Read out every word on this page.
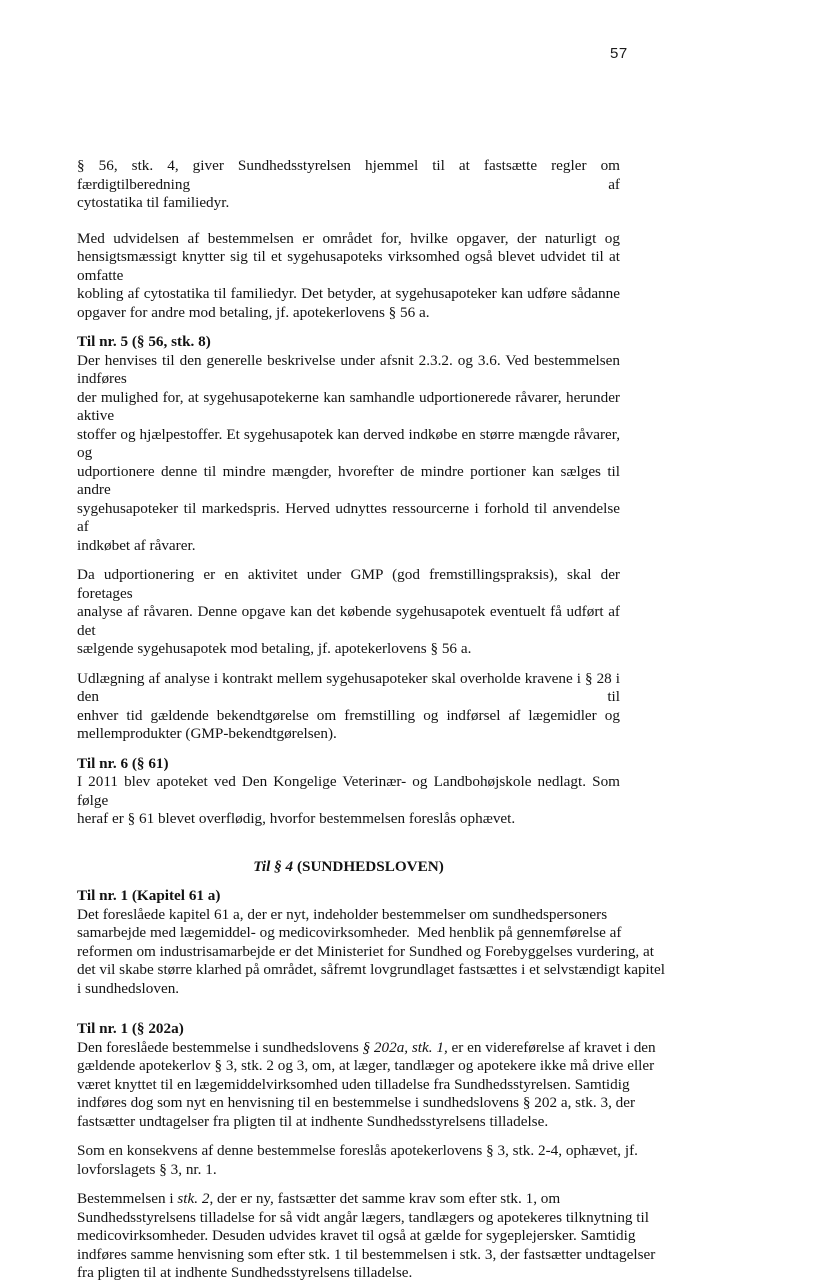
57
§ 56, stk. 4, giver Sundhedsstyrelsen hjemmel til at fastsætte regler om færdigtilberedning af
cytostatika til familiedyr.
Med udvidelsen af bestemmelsen er området for, hvilke opgaver, der naturligt og
hensigtsmæssigt knytter sig til et sygehusapoteks virksomhed også blevet udvidet til at omfatte
kobling af cytostatika til familiedyr. Det betyder, at sygehusapoteker kan udføre sådanne
opgaver for andre mod betaling, jf. apotekerlovens § 56 a.
Til nr. 5 (§ 56, stk. 8)
Der henvises til den generelle beskrivelse under afsnit 2.3.2. og 3.6. Ved bestemmelsen indføres
der mulighed for, at sygehusapotekerne kan samhandle udportionerede råvarer, herunder aktive
stoffer og hjælpestoffer. Et sygehusapotek kan derved indkøbe en større mængde råvarer, og
udportionere denne til mindre mængder, hvorefter de mindre portioner kan sælges til andre
sygehusapoteker til markedspris. Herved udnyttes ressourcerne i forhold til anvendelse af
indkøbet af råvarer.
Da udportionering er en aktivitet under GMP (god fremstillingspraksis), skal der foretages
analyse af råvaren. Denne opgave kan det købende sygehusapotek eventuelt få udført af det
sælgende sygehusapotek mod betaling, jf. apotekerlovens § 56 a.
Udlægning af analyse i kontrakt mellem sygehusapoteker skal overholde kravene i § 28 i den til
enhver tid gældende bekendtgørelse om fremstilling og indførsel af lægemidler og
mellemprodukter (GMP-bekendtgørelsen).
Til nr. 6 (§ 61)
I 2011 blev apoteket ved Den Kongelige Veterinær- og Landbohøjskole nedlagt. Som følge
heraf er § 61 blevet overflødig, hvorfor bestemmelsen foreslås ophævet.
Til § 4 (SUNDHEDSLOVEN)
Til nr. 1 (Kapitel 61 a)
Det foreslåede kapitel 61 a, der er nyt, indeholder bestemmelser om sundhedspersoners
samarbejde med lægemiddel- og medicovirksomheder.  Med henblik på gennemførelse af
reformen om industrisamarbejde er det Ministeriet for Sundhed og Forebyggelses vurdering, at
det vil skabe større klarhed på området, såfremt lovgrundlaget fastsættes i et selvstændigt kapitel
i sundhedsloven.
Til nr. 1 (§ 202a)
Den foreslåede bestemmelse i sundhedslovens § 202a, stk. 1, er en videreførelse af kravet i den
gældende apotekerlov § 3, stk. 2 og 3, om, at læger, tandlæger og apotekere ikke må drive eller
været knyttet til en lægemiddelvirksomhed uden tilladelse fra Sundhedsstyrelsen. Samtidig
indføres dog som nyt en henvisning til en bestemmelse i sundhedslovens § 202 a, stk. 3, der
fastsætter undtagelser fra pligten til at indhente Sundhedsstyrelsens tilladelse.
Som en konsekvens af denne bestemmelse foreslås apotekerlovens § 3, stk. 2-4, ophævet, jf.
lovforslagets § 3, nr. 1.
Bestemmelsen i stk. 2, der er ny, fastsætter det samme krav som efter stk. 1, om
Sundhedsstyrelsens tilladelse for så vidt angår lægers, tandlægers og apotekeres tilknytning til
medicovirksomheder. Desuden udvides kravet til også at gælde for sygeplejersker. Samtidig
indføres samme henvisning som efter stk. 1 til bestemmelsen i stk. 3, der fastsætter undtagelser
fra pligten til at indhente Sundhedsstyrelsens tilladelse.
